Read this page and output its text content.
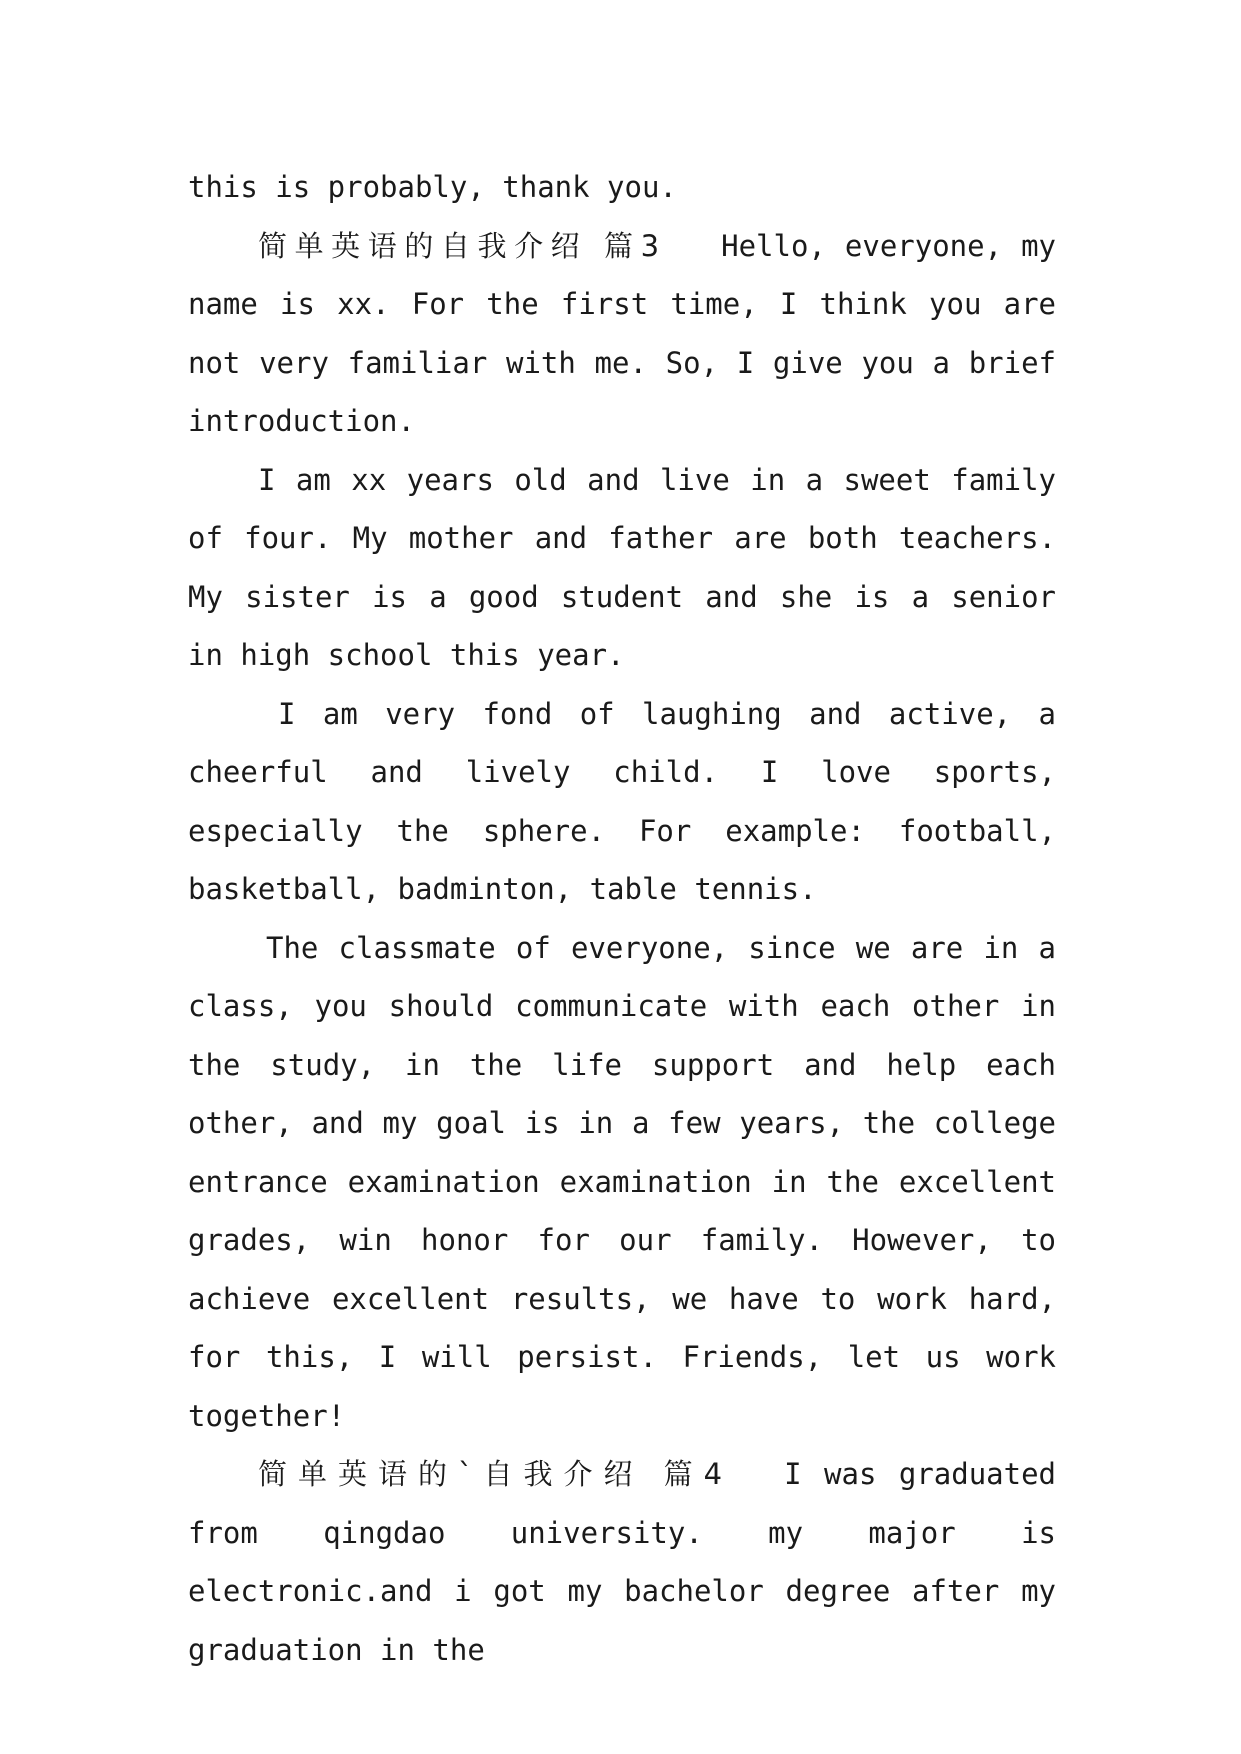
this is probably, thank you.

简单英语的自我介绍 篇3 Hello, everyone, my name is xx. For the first time, I think you are not very familiar with me. So, I give you a brief introduction.

I am xx years old and live in a sweet family of four. My mother and father are both teachers. My sister is a good student and she is a senior in high school this year.

I am very fond of laughing and active, a cheerful and lively child. I love sports, especially the sphere. For example: football, basketball, badminton, table tennis.

The classmate of everyone, since we are in a class, you should communicate with each other in the study, in the life support and help each other, and my goal is in a few years, the college entrance examination examination in the excellent grades, win honor for our family. However, to achieve excellent results, we have to work hard, for this, I will persist. Friends, let us work together!

简单英语的`自我介绍 篇4 I was graduated from qingdao university. my major is electronic.and i got my bachelor degree after my graduation in the
